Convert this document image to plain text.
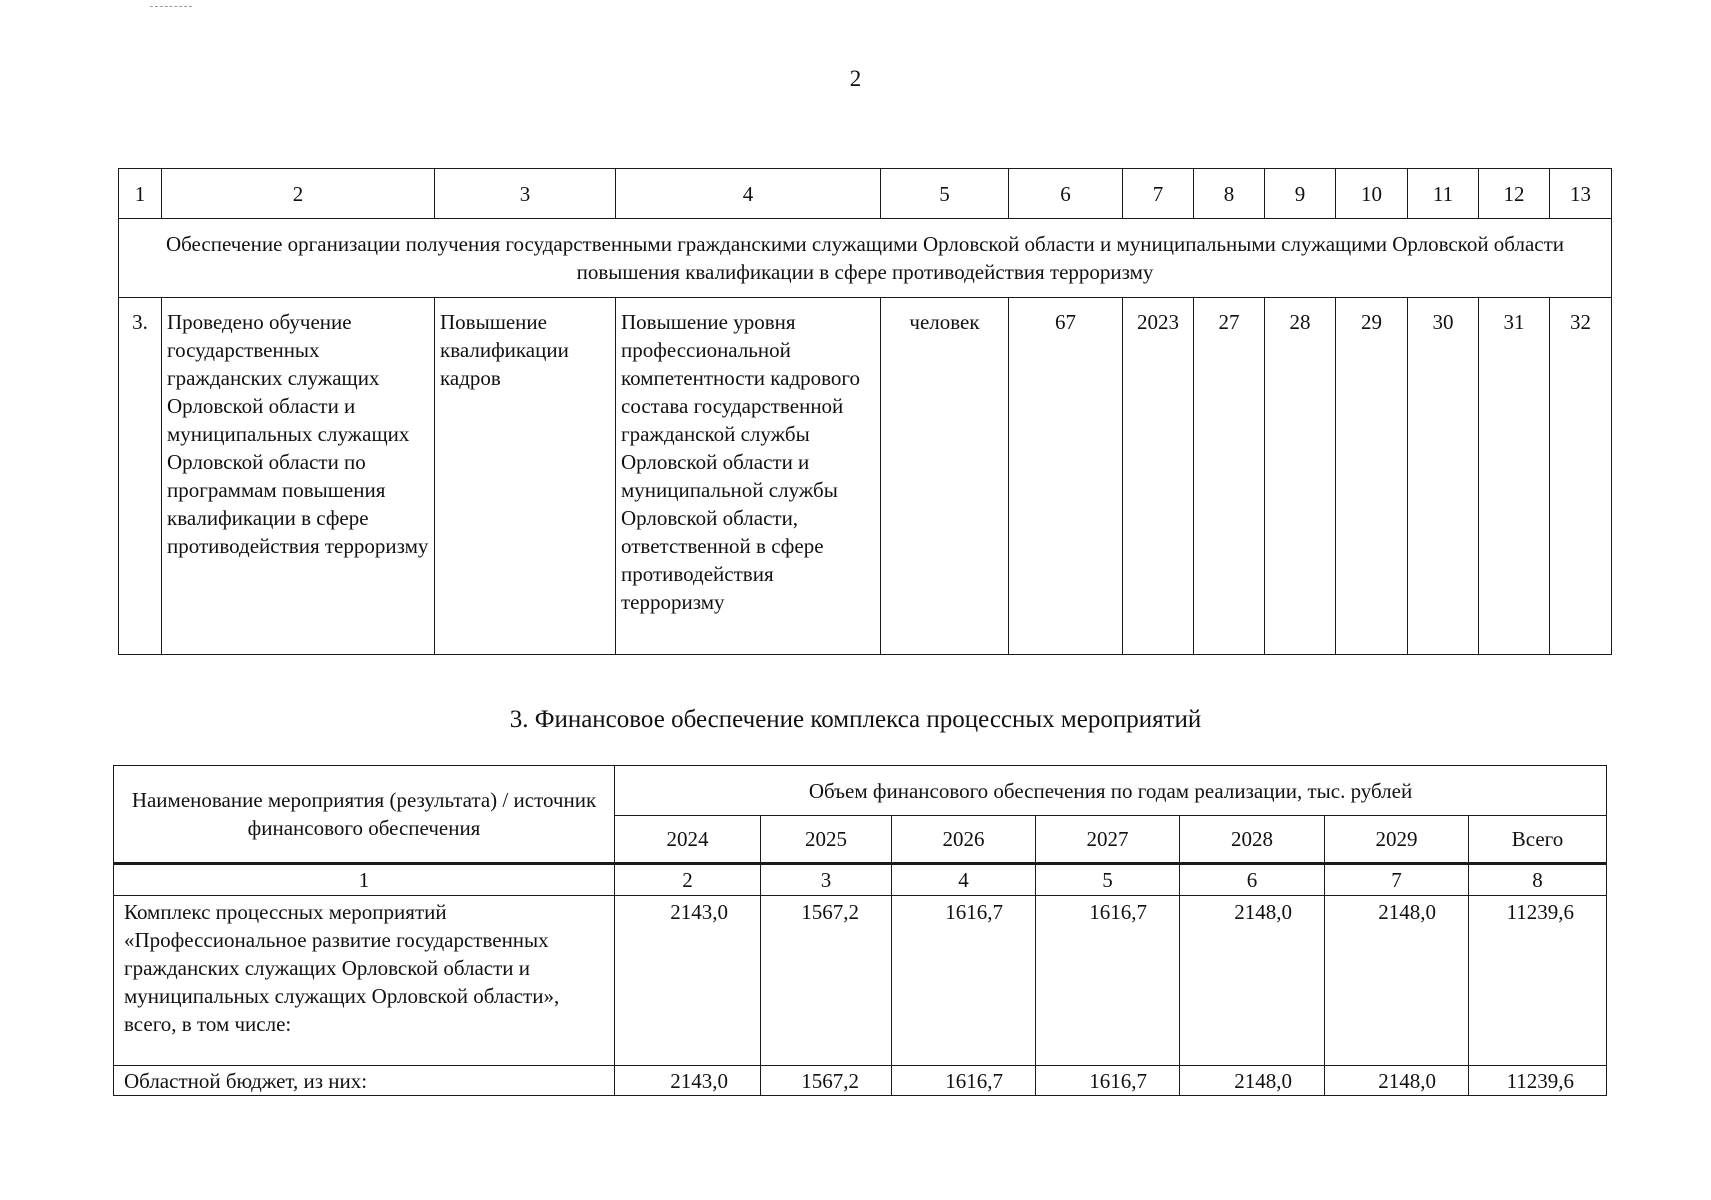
2
1	2	3	4	5	6	7	8	9	10	11	12	13
Обеспечение организации получения государственными гражданскими служащими Орловской области и муниципальными служащими Орловской области повышения квалификации в сфере противодействия терроризму												
3.	Проведено обучение государственных гражданских служащих Орловской области и муниципальных служащих Орловской области по программам повышения квалификации в сфере противодействия терроризму	Повышение квалификации кадров	Повышение уровня профессиональной компетентности кадрового состава государственной гражданской службы Орловской области и муниципальной службы Орловской области, ответственной в сфере противодействия терроризму	человек	67	2023	27	28	29	30	31	32
3. Финансовое обеспечение комплекса процессных мероприятий
Наименование мероприятия (результата) / источник финансового обеспечения	Объем финансового обеспечения по годам реализации, тыс. рублей						
	2024	2025	2026	2027	2028	2029	Всего
1	2	3	4	5	6	7	8
Комплекс процессных мероприятий «Профессиональное развитие государственных гражданских служащих Орловской области и муниципальных служащих Орловской области», всего, в том числе:	2143,0	1567,2	1616,7	1616,7	2148,0	2148,0	11239,6
Областной бюджет, из них:	2143,0	1567,2	1616,7	1616,7	2148,0	2148,0	11239,6
